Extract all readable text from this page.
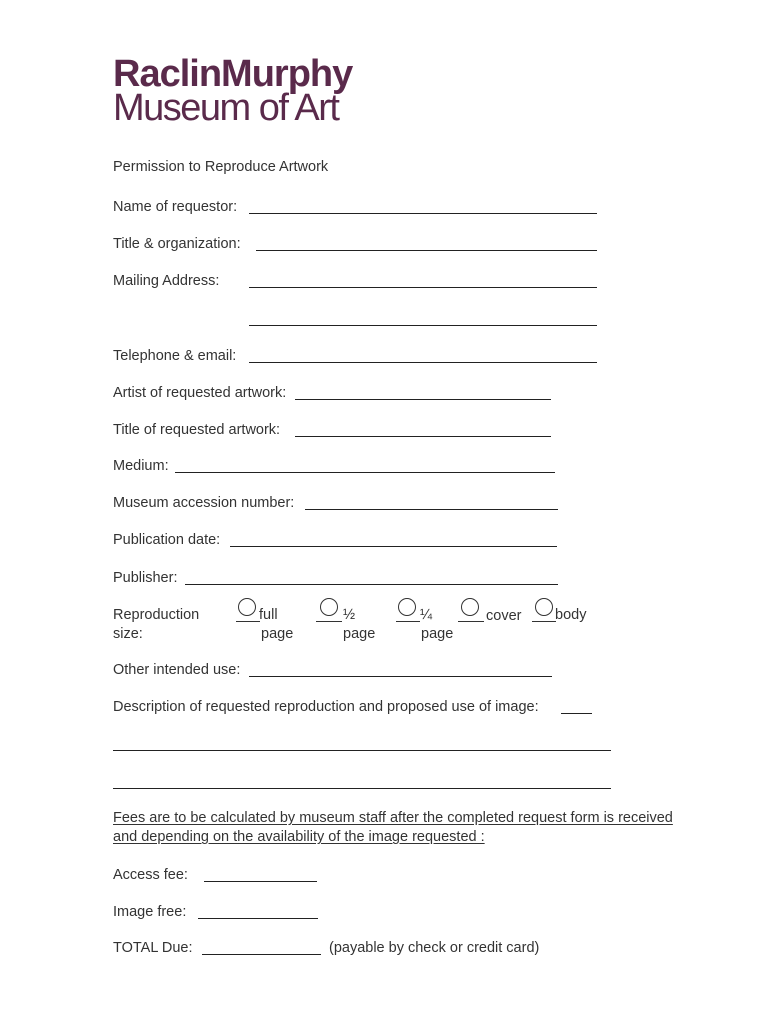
RaclinMurphy
Museum of Art
Permission to Reproduce Artwork
Name of requestor:
Title & organization:
Mailing Address:
Telephone & email:
Artist of requested artwork:
Title of requested artwork:
Medium:
Museum accession number:
Publication date:
Publisher:
Reproduction
size:
full
page
½
page
¼
page
cover body
Other intended use:
Description of requested reproduction and proposed use of image:
Fees are to be calculated by museum staff after the completed request form is received
and depending on the availability of the image requested :
Access fee:
Image free:
TOTAL Due:	(payable by check or credit card)
